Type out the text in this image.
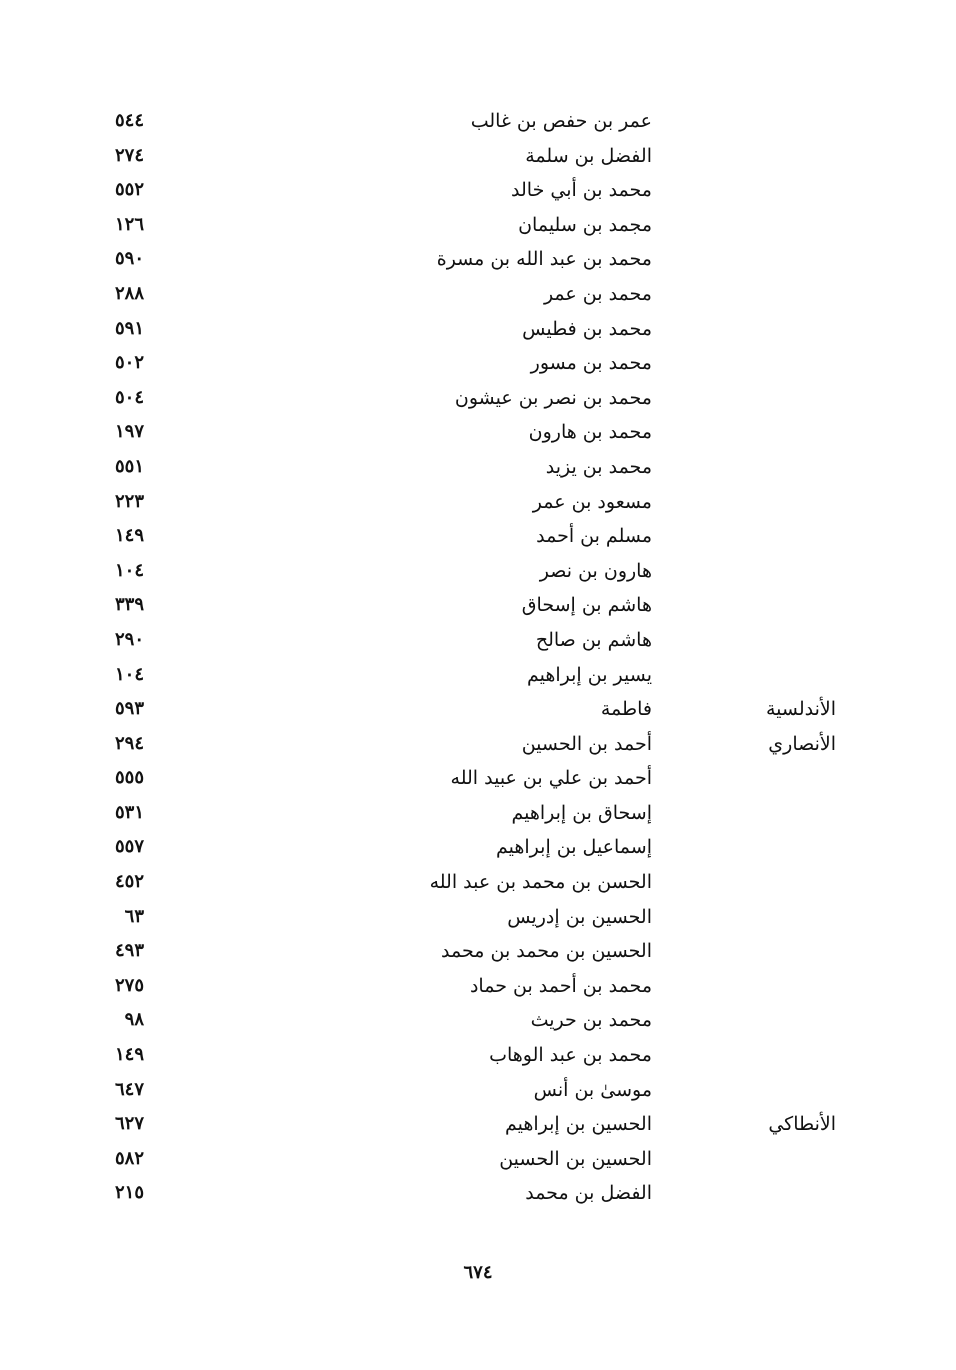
عمر بن حفص بن غالب
٥٤٤
الفضل بن سلمة
٢٧٤
محمد بن أبي خالد
٥٥٢
مجمد بن سليمان
١٢٦
محمد بن عبد الله بن مسرة
٥٩٠
محمد بن عمر
٢٨٨
محمد بن فطيس
٥٩١
محمد بن مسور
٥٠٢
محمد بن نصر بن عيشون
٥٠٤
محمد بن هارون
١٩٧
محمد بن يزيد
٥٥١
مسعود بن عمر
٢٢٣
مسلم بن أحمد
١٤٩
هارون بن نصر
١٠٤
هاشم بن إسحاق
٣٣٩
هاشم بن صالح
٢٩٠
يسير بن إبراهيم
١٠٤
الأندلسية
فاطمة
٥٩٣
الأنصاري
أحمد بن الحسين
٢٩٤
أحمد بن علي بن عبيد الله
٥٥٥
إسحاق بن إبراهيم
٥٣١
إسماعيل بن إبراهيم
٥٥٧
الحسن بن محمد بن عبد الله
٤٥٢
الحسين بن إدريس
٦٣
الحسين بن محمد بن محمد
٤٩٣
محمد بن أحمد بن حماد
٢٧٥
محمد بن حريث
٩٨
محمد بن عبد الوهاب
١٤٩
موسىٰ بن أنس
٦٤٧
الأنطاكي
الحسين بن إبراهيم
٦٢٧
الحسين بن الحسين
٥٨٢
الفضل بن محمد
٢١٥
٦٧٤
